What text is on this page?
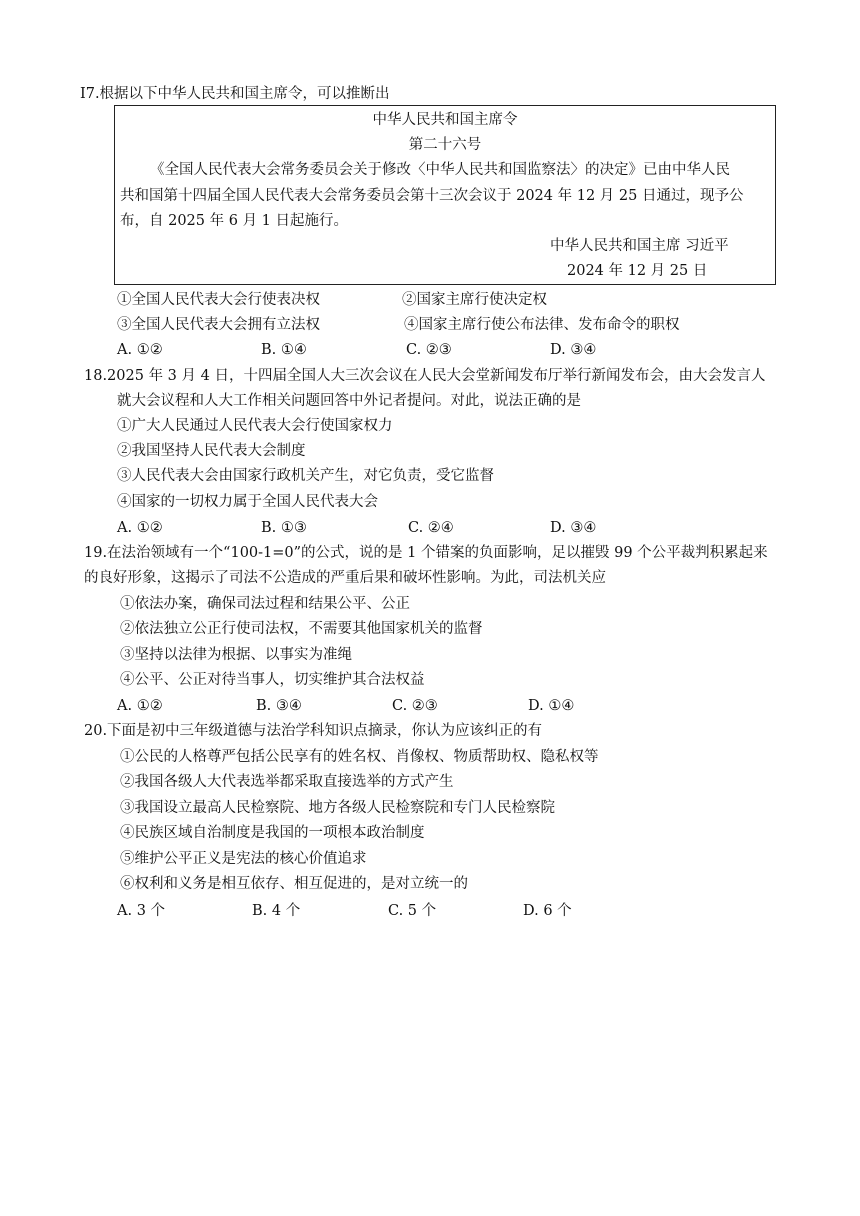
I7.根据以下中华人民共和国主席令，可以推断出
中华人民共和国主席令
第二十六号
《全国人民代表大会常务委员会关于修改〈中华人民共和国监察法〉的决定》已由中华人民
共和国第十四届全国人民代表大会常务委员会第十三次会议于 2024 年 12 月 25 日通过，现予公
布，自 2025 年 6 月 1 日起施行。
中华人民共和国主席 习近平
2024 年 12 月 25 日
①全国人民代表大会行使表决权	②国家主席行使决定权
③全国人民代表大会拥有立法权	④国家主席行使公布法律、发布命令的职权
A. ①②	B. ①④	C. ②③	D. ③④
18.2025 年 3 月 4 日，十四届全国人大三次会议在人民大会堂新闻发布厅举行新闻发布会，由大会发言人
就大会议程和人大工作相关问题回答中外记者提问。对此，说法正确的是
①广大人民通过人民代表大会行使国家权力
②我国坚持人民代表大会制度
③人民代表大会由国家行政机关产生，对它负责，受它监督
④国家的一切权力属于全国人民代表大会
A. ①②	B. ①③	C. ②④	D. ③④
19.在法治领域有一个“100-1=0”的公式，说的是 1 个错案的负面影响，足以摧毁 99 个公平裁判积累起来
的良好形象，这揭示了司法不公造成的严重后果和破坏性影响。为此，司法机关应
①依法办案，确保司法过程和结果公平、公正
②依法独立公正行使司法权，不需要其他国家机关的监督
③坚持以法律为根据、以事实为准绳
④公平、公正对待当事人，切实维护其合法权益
A. ①②	B. ③④	C. ②③	D. ①④
20.下面是初中三年级道德与法治学科知识点摘录，你认为应该纠正的有
①公民的人格尊严包括公民享有的姓名权、肖像权、物质帮助权、隐私权等
②我国各级人大代表选举都采取直接选举的方式产生
③我国设立最高人民检察院、地方各级人民检察院和专门人民检察院
④民族区域自治制度是我国的一项根本政治制度
⑤维护公平正义是宪法的核心价值追求
⑥权利和义务是相互依存、相互促进的，是对立统一的
A. 3 个	B. 4 个	C. 5 个	D. 6 个
